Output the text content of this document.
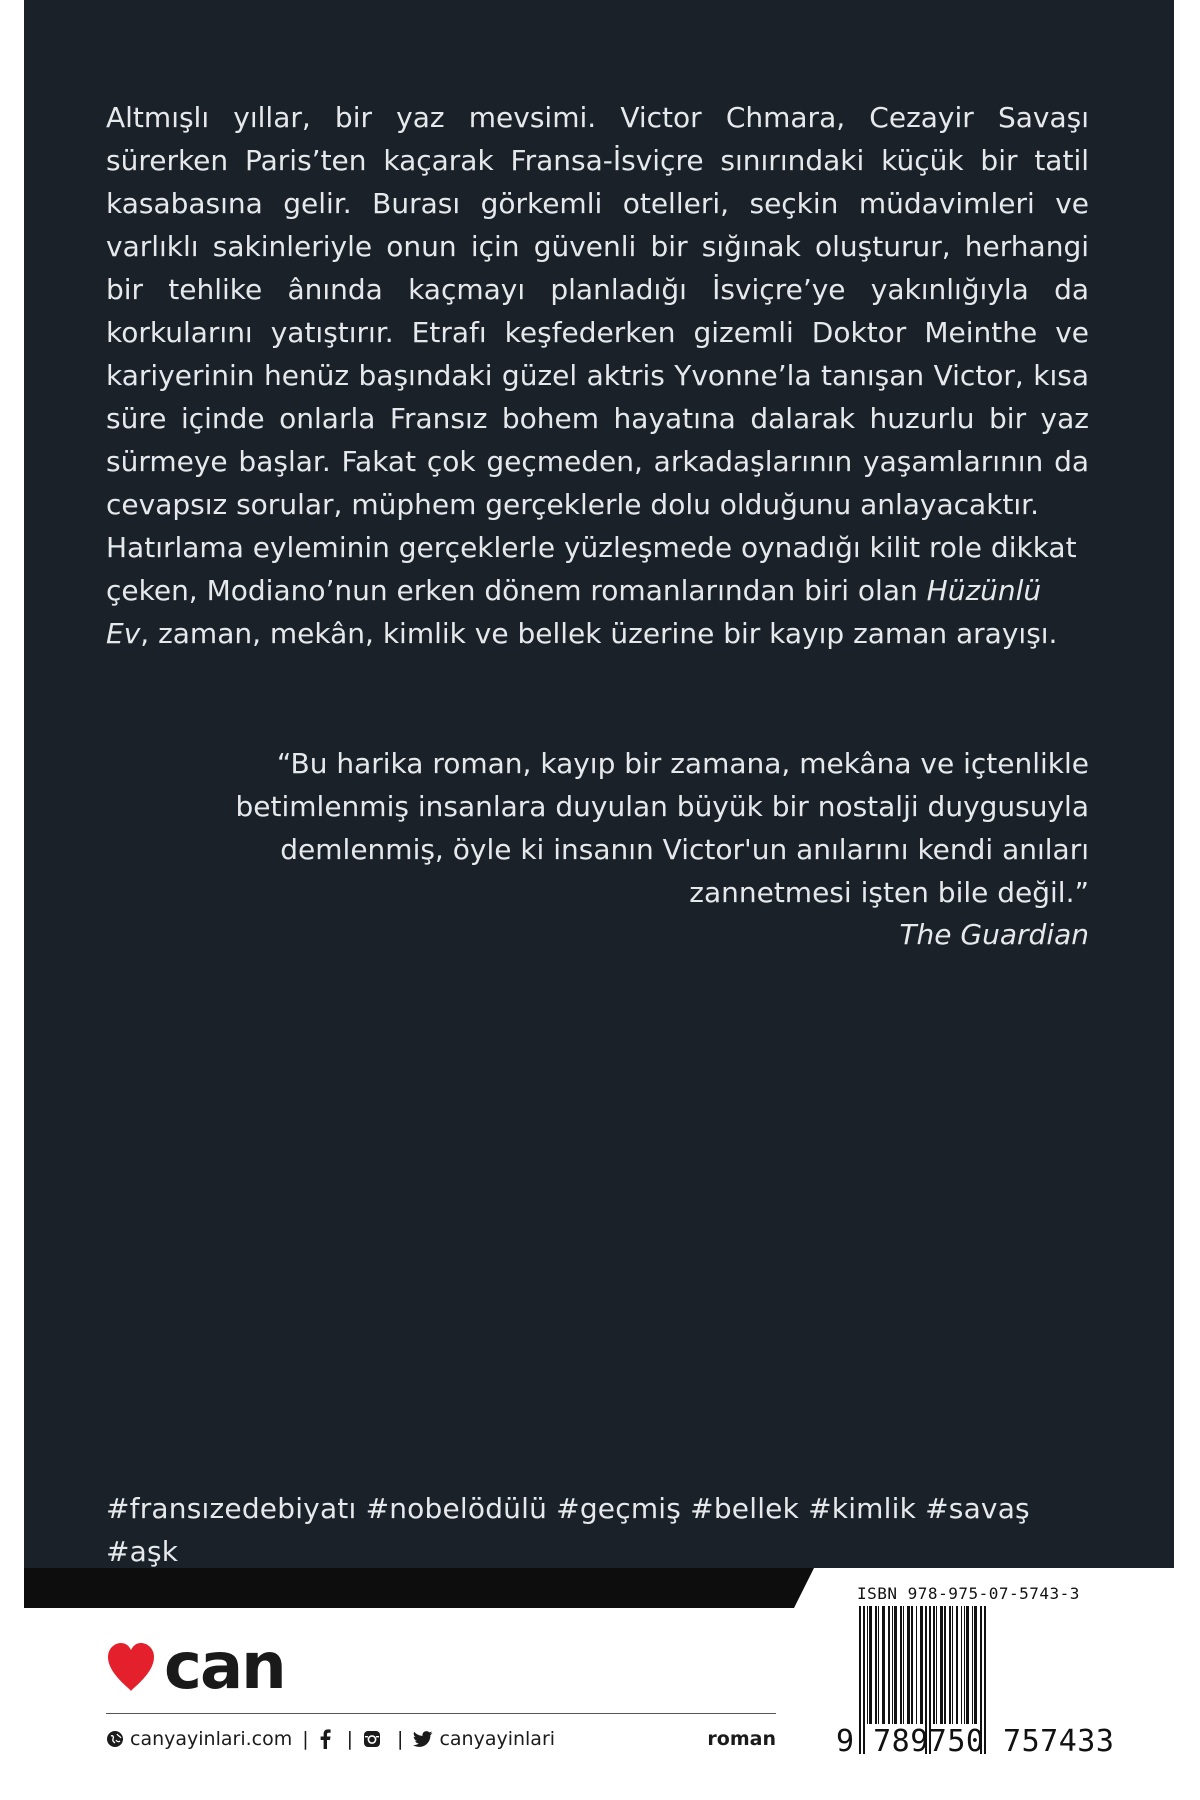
Altmışlı yıllar, bir yaz mevsimi. Victor Chmara, Cezayir Savaşı sürerken Paris’ten kaçarak Fransa-İsviçre sınırındaki küçük bir tatil kasabasına gelir. Burası görkemli otelleri, seçkin müdavimleri ve varlıklı sakinleriyle onun için güvenli bir sığınak oluşturur, herhangi bir tehlike ânında kaçmayı planladığı İsviçre’ye yakınlığıyla da korkularını yatıştırır. Etrafı keşfederken gizemli Doktor Meinthe ve kariyerinin henüz başındaki güzel aktris Yvonne’la tanışan Victor, kısa süre içinde onlarla Fransız bohem hayatına dalarak huzurlu bir yaz sürmeye başlar. Fakat çok geçmeden, arkadaşlarının yaşamlarının da cevapsız sorular, müphem gerçeklerle dolu olduğunu anlayacaktır.

Hatırlama eyleminin gerçeklerle yüzleşmede oynadığı kilit role dikkat çeken, Modiano’nun erken dönem romanlarından biri olan Hüzünlü Ev, zaman, mekân, kimlik ve bellek üzerine bir kayıp zaman arayışı.

“Bu harika roman, kayıp bir zamana, mekâna ve içtenlikle betimlenmiş insanlara duyulan büyük bir nostalji duygusuyla demlenmiş, öyle ki insanın Victor'un anılarını kendi anıları zannetmesi işten bile değil.”

The Guardian
#fransızedebiyatı #nobelödülü #geçmiş #bellek #kimlik #savaş #aşk
ISBN 978-975-07-5743-3
9 789750 757433
can
canyayinlari.com | | | canyayinlari	roman
